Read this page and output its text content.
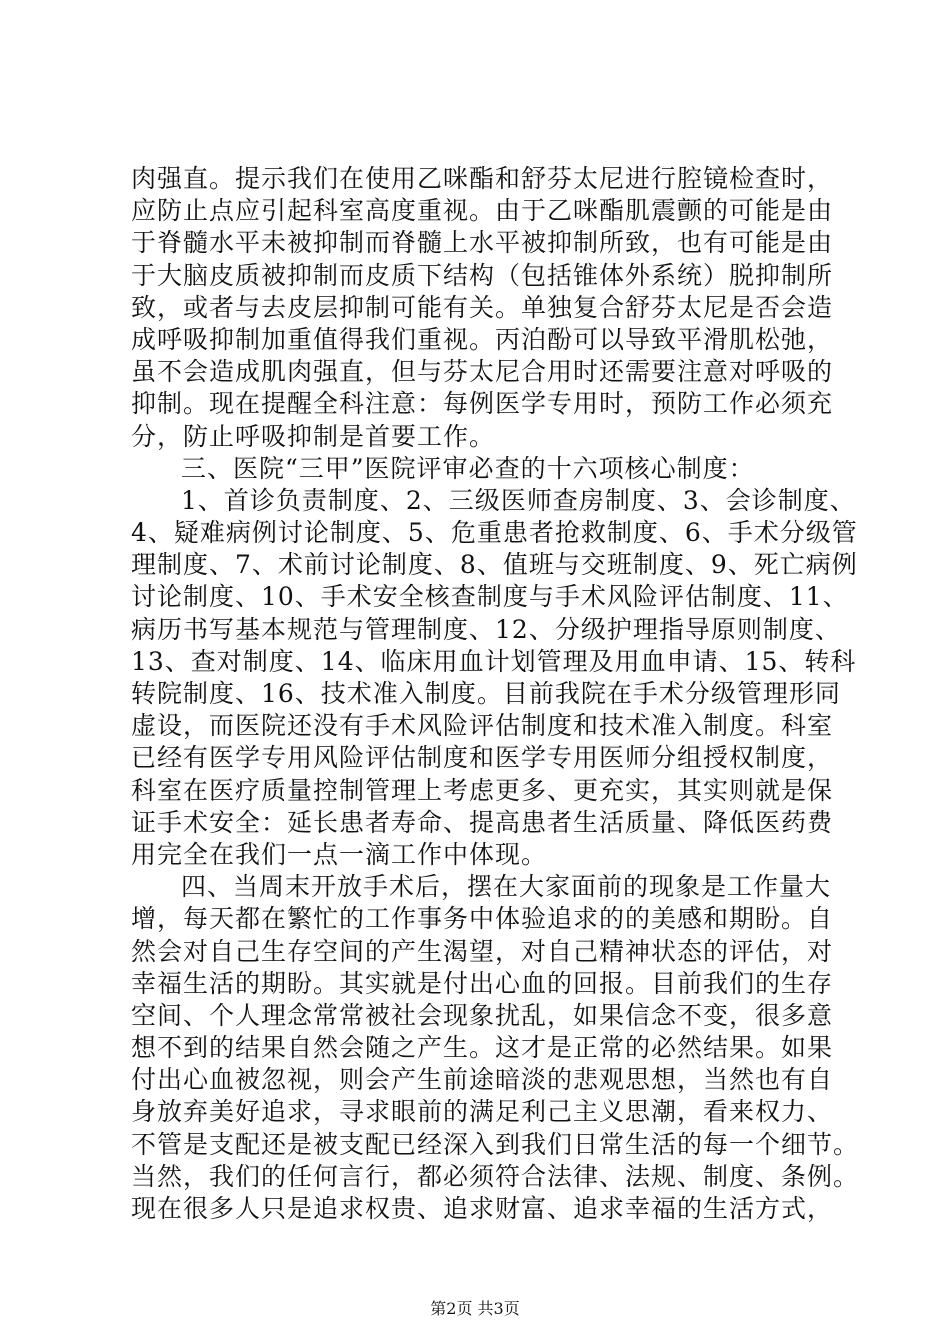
肉强直。提示我们在使用乙咪酯和舒芬太尼进行腔镜检查时，
应防止点应引起科室高度重视。由于乙咪酯肌震颤的可能是由
于脊髓水平未被抑制而脊髓上水平被抑制所致，也有可能是由
于大脑皮质被抑制而皮质下结构（包括锥体外系统）脱抑制所
致，或者与去皮层抑制可能有关。单独复合舒芬太尼是否会造
成呼吸抑制加重值得我们重视。丙泊酚可以导致平滑肌松弛，
虽不会造成肌肉强直，但与芬太尼合用时还需要注意对呼吸的
抑制。现在提醒全科注意：每例医学专用时，预防工作必须充
分，防止呼吸抑制是首要工作。
三、医院“三甲”医院评审必查的十六项核心制度：
1、首诊负责制度、2、三级医师查房制度、3、会诊制度、
4、疑难病例讨论制度、5、危重患者抢救制度、6、手术分级管
理制度、7、术前讨论制度、8、值班与交班制度、9、死亡病例
讨论制度、10、手术安全核查制度与手术风险评估制度、11、
病历书写基本规范与管理制度、12、分级护理指导原则制度、
13、查对制度、14、临床用血计划管理及用血申请、15、转科
转院制度、16、技术准入制度。目前我院在手术分级管理形同
虚设，而医院还没有手术风险评估制度和技术准入制度。科室
已经有医学专用风险评估制度和医学专用医师分组授权制度，
科室在医疗质量控制管理上考虑更多、更充实，其实则就是保
证手术安全：延长患者寿命、提高患者生活质量、降低医药费
用完全在我们一点一滴工作中体现。
四、当周末开放手术后，摆在大家面前的现象是工作量大
增，每天都在繁忙的工作事务中体验追求的的美感和期盼。自
然会对自己生存空间的产生渴望，对自己精神状态的评估，对
幸福生活的期盼。其实就是付出心血的回报。目前我们的生存
空间、个人理念常常被社会现象扰乱，如果信念不变，很多意
想不到的结果自然会随之产生。这才是正常的必然结果。如果
付出心血被忽视，则会产生前途暗淡的悲观思想，当然也有自
身放弃美好追求，寻求眼前的满足利己主义思潮，看来权力、
不管是支配还是被支配已经深入到我们日常生活的每一个细节。
当然，我们的任何言行，都必须符合法律、法规、制度、条例。
现在很多人只是追求权贵、追求财富、追求幸福的生活方式，
第2页 共3页
